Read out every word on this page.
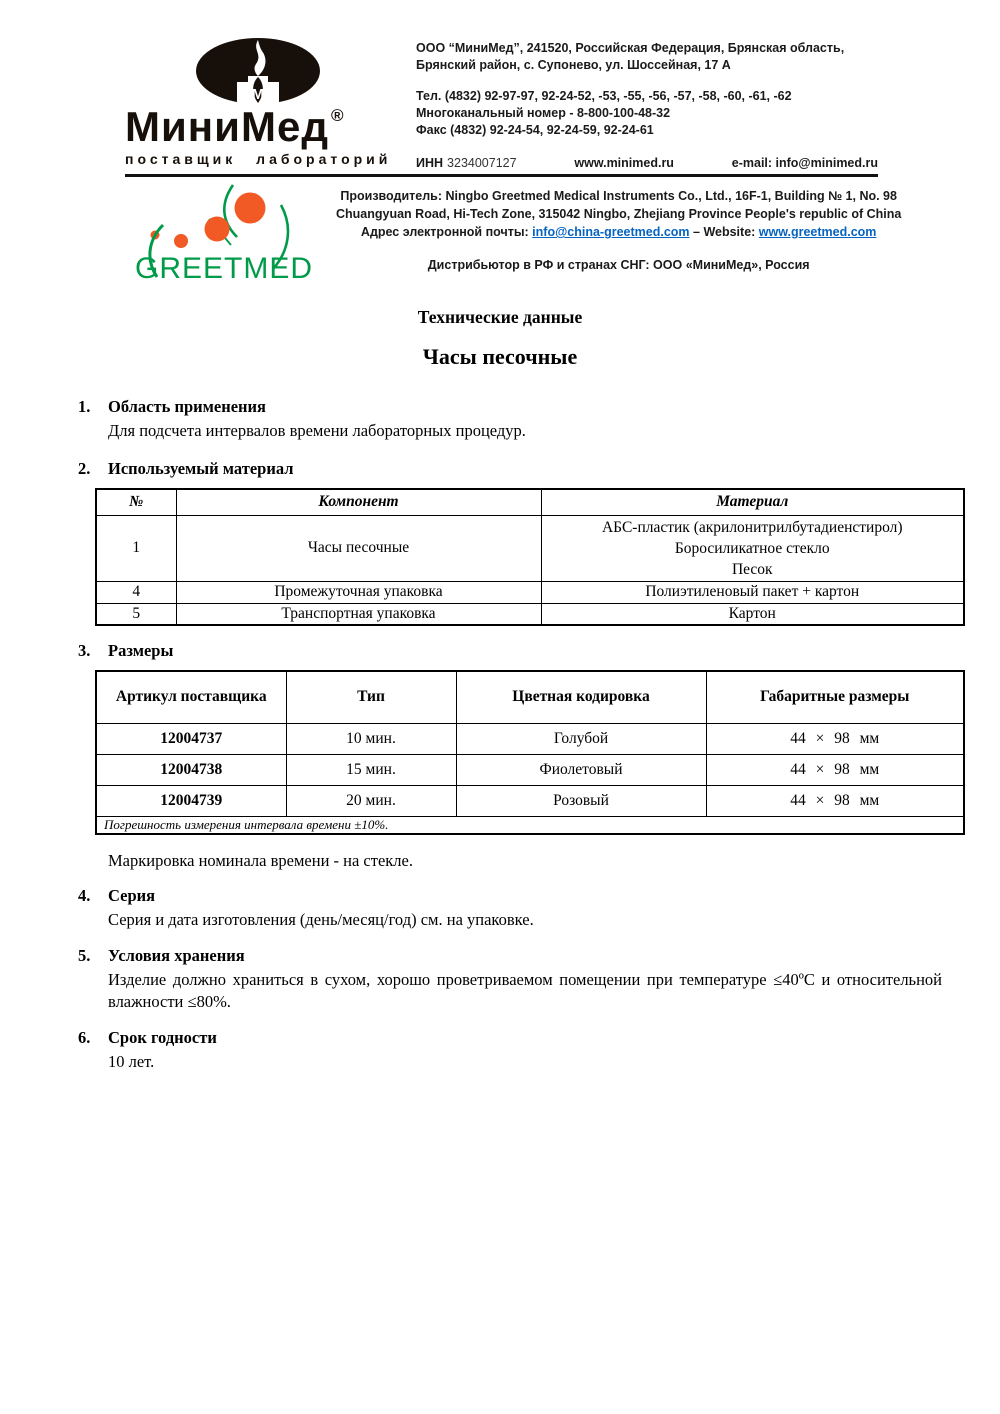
М
МиниМед ®
поставщик лабораторий
ООО “МиниМед”, 241520, Российская Федерация, Брянская область,
Брянский район, с. Супонево, ул. Шоссейная, 17 А
Тел. (4832) 92-97-97, 92-24-52, -53, -55, -56, -57, -58, -60, -61, -62
Многоканальный номер - 8-800-100-48-32
Факс (4832) 92-24-54, 92-24-59, 92-24-61
ИНН 3234007127	www.minimed.ru	e-mail: info@minimed.ru
GREETMED
Производитель: Ningbo Greetmed Medical Instruments Co., Ltd., 16F-1, Building № 1, No. 98
Chuangyuan Road, Hi-Tech Zone, 315042 Ningbo, Zhejiang Province People's republic of China
Адрес электронной почты: info@china-greetmed.com – Website: www.greetmed.com
Дистрибьютор в РФ и странах СНГ: ООО «МиниМед», Россия
Технические данные
Часы песочные
1.	Область применения
Для подсчета интервалов времени лабораторных процедур.
2.	Используемый материал
№	Компонент	Материал
1	Часы песочные	АБС-пластик (акрилонитрилбутадиенстирол)
Боросиликатное стекло
Песок

4	Промежуточная упаковка	Полиэтиленовый пакет + картон
5	Транспортная упаковка	Картон
3.	Размеры
Артикул поставщика	Тип	Цветная кодировка	Габаритные размеры
12004737	10 мин.	Голубой	44 × 98 мм
12004738	15 мин.	Фиолетовый	44 × 98 мм
12004739	20 мин.	Розовый	44 × 98 мм
Погрешность измерения интервала времени ±10%.			
Маркировка номинала времени - на стекле.
4.	Серия
Серия и дата изготовления (день/месяц/год) см. на упаковке.
5.	Условия хранения
Изделие должно храниться в сухом, хорошо проветриваемом помещении при температуре ≤40ºС и относительной влажности ≤80%.
6.	Срок годности
10 лет.
